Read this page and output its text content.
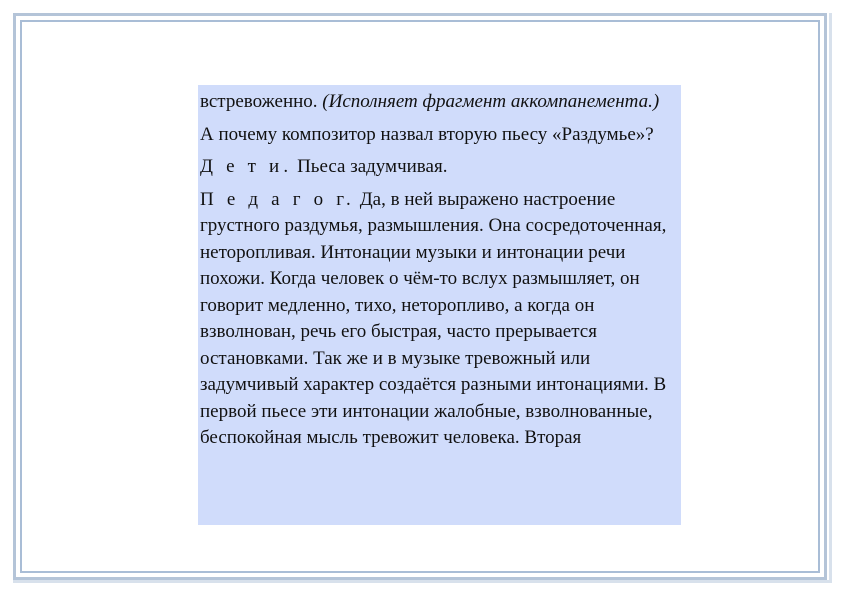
встревоженно. (Исполняет фрагмент аккомпанемента.)

А почему композитор назвал вторую пьесу «Раздумье»?

Д е т и. Пьеса задумчивая.

П е д а г о г. Да, в ней выражено настроение грустного раздумья, размышления. Она сосредоточенная, неторопливая. Интонации музыки и интонации речи похожи. Когда человек о чём-то вслух размышляет, он говорит медленно, тихо, неторопливо, а когда он взволнован, речь его быстрая, часто прерывается остановками. Так же и в музыке тревожный или задумчивый характер создаётся разными интонациями. В первой пьесе эти интонации жалобные, взволнованные, беспокойная мысль тревожит человека. Вторая
